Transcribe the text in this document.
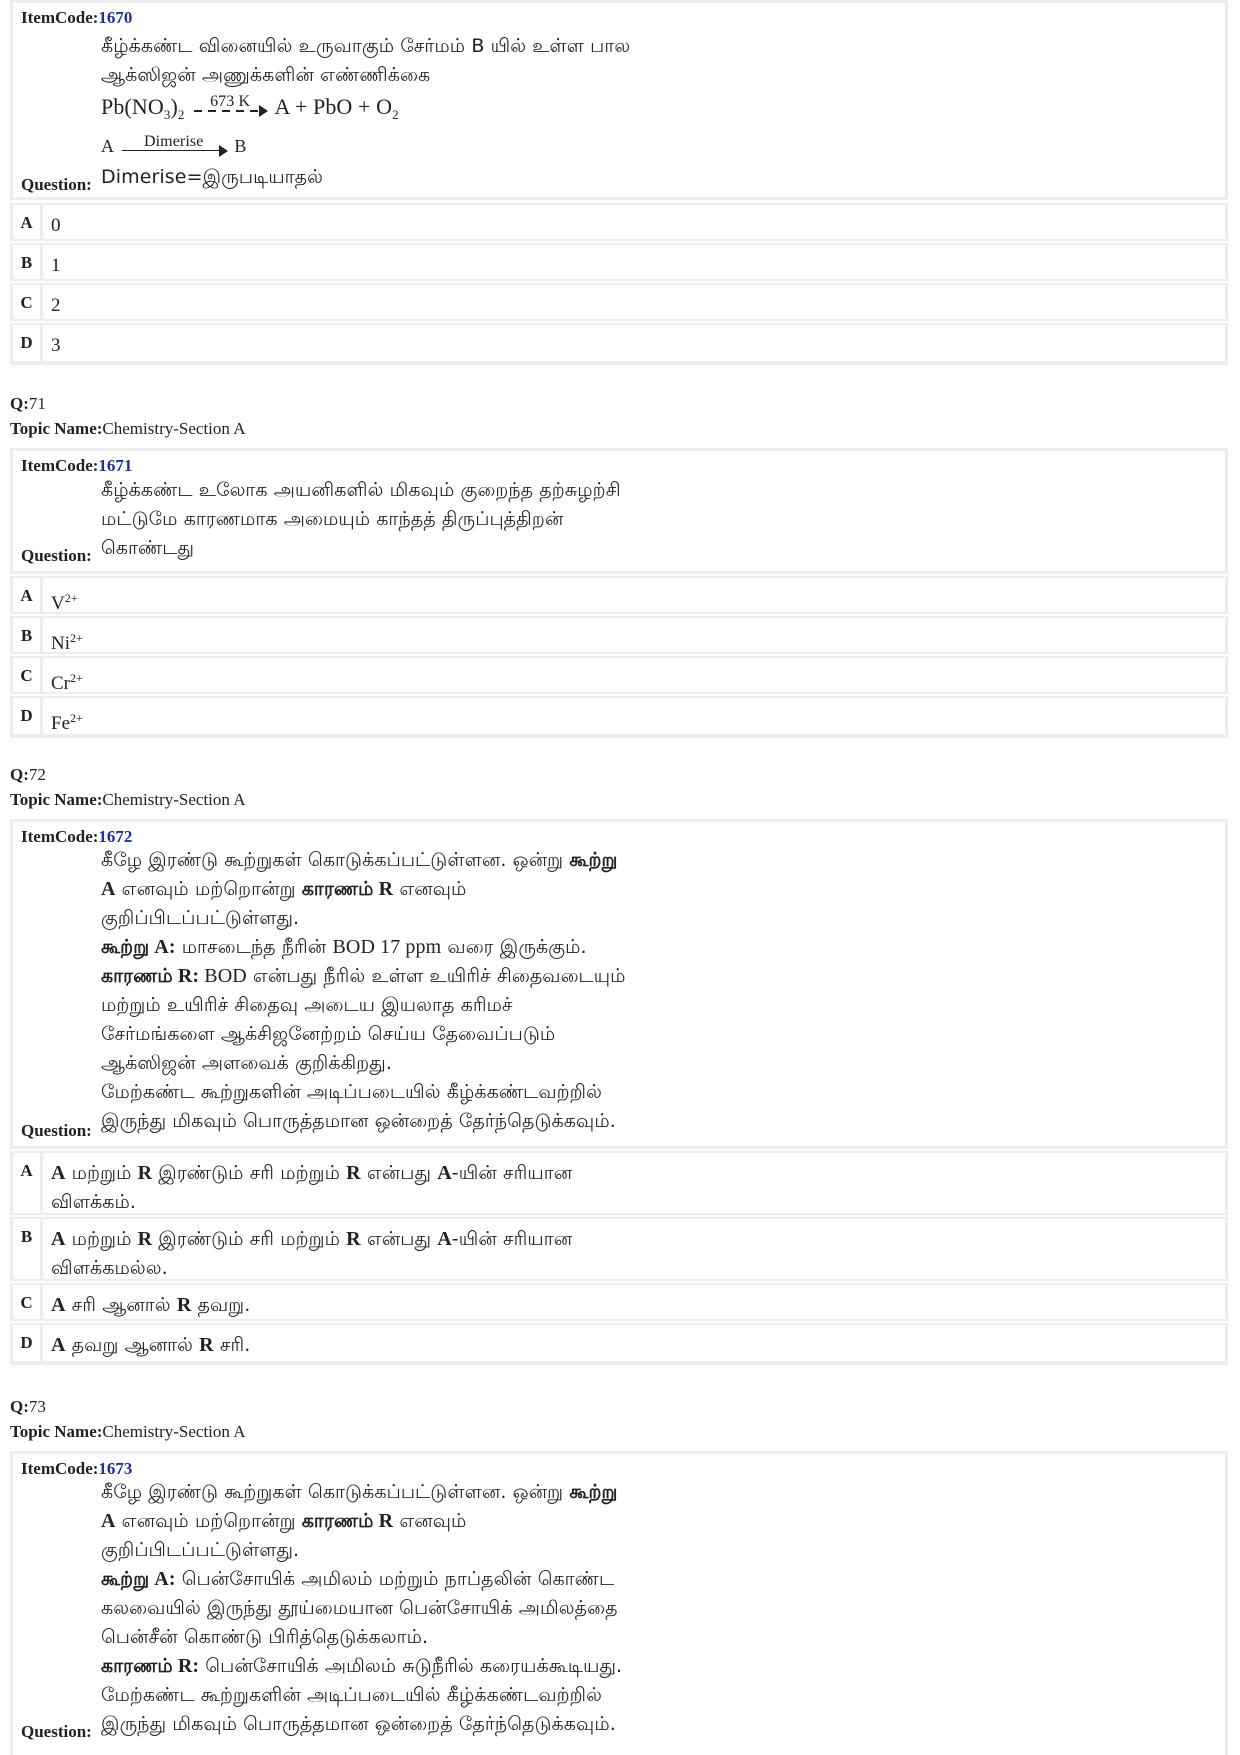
ItemCode:1670
கீழ்க்கண்ட வினையில் உருவாகும் சேர்மம் B யில் உள்ள பால
ஆக்ஸிஜன் அணுக்களின் எண்ணிக்கை
$Pb(NO_3)_2$
673 K	A + PbO + $O_2$
A	Dimerise	B
Question: Dimerise=இருபடியாதல்
A 0
B 1
C 2
D 3
Q:71
Topic Name:Chemistry-Section A
ItemCode:1671
கீழ்க்கண்ட உலோக அயனிகளில் மிகவும் குறைந்த தற்சுழற்சி
மட்டுமே காரணமாக அமையும் காந்தத் திருப்புத்திறன்
கொண்டது
Question:
A $V^{2+}$
B $Ni^{2+}$
C $Cr^{2+}$
D $Fe^{2+}$
Q:72
Topic Name:Chemistry-Section A
ItemCode:1672
கீழே இரண்டு கூற்றுகள் கொடுக்கப்பட்டுள்ளன. ஒன்று கூற்று
A எனவும் மற்றொன்று காரணம் R எனவும்
குறிப்பிடப்பட்டுள்ளது.
கூற்று A: மாசடைந்த நீரின் BOD 17 ppm வரை இருக்கும்.
காரணம் R: BOD என்பது நீரில் உள்ள உயிரிச் சிதைவடையும்
மற்றும் உயிரிச் சிதைவு அடைய இயலாத கரிமச்
சேர்மங்களை ஆக்சிஜனேற்றம் செய்ய தேவைப்படும்
ஆக்ஸிஜன் அளவைக் குறிக்கிறது.
மேற்கண்ட கூற்றுகளின் அடிப்படையில் கீழ்க்கண்டவற்றில்
இருந்து மிகவும் பொருத்தமான ஒன்றைத் தேர்ந்தெடுக்கவும்.
Question:
A A மற்றும் R இரண்டும் சரி மற்றும் R என்பது A-யின் சரியான
விளக்கம்.
B A மற்றும் R இரண்டும் சரி மற்றும் R என்பது A-யின் சரியான
விளக்கமல்ல.
C A சரி ஆனால் R தவறு.
D A தவறு ஆனால் R சரி.
Q:73
Topic Name:Chemistry-Section A
ItemCode:1673
கீழே இரண்டு கூற்றுகள் கொடுக்கப்பட்டுள்ளன. ஒன்று கூற்று
A எனவும் மற்றொன்று காரணம் R எனவும்
குறிப்பிடப்பட்டுள்ளது.
கூற்று A: பென்சோயிக் அமிலம் மற்றும் நாப்தலின் கொண்ட
கலவையில் இருந்து தூய்மையான பென்சோயிக் அமிலத்தை
பென்சீன் கொண்டு பிரித்தெடுக்கலாம்.
காரணம் R: பென்சோயிக் அமிலம் சுடுநீரில் கரையக்கூடியது.
மேற்கண்ட கூற்றுகளின் அடிப்படையில் கீழ்க்கண்டவற்றில்
இருந்து மிகவும் பொருத்தமான ஒன்றைத் தேர்ந்தெடுக்கவும்.
Question:
